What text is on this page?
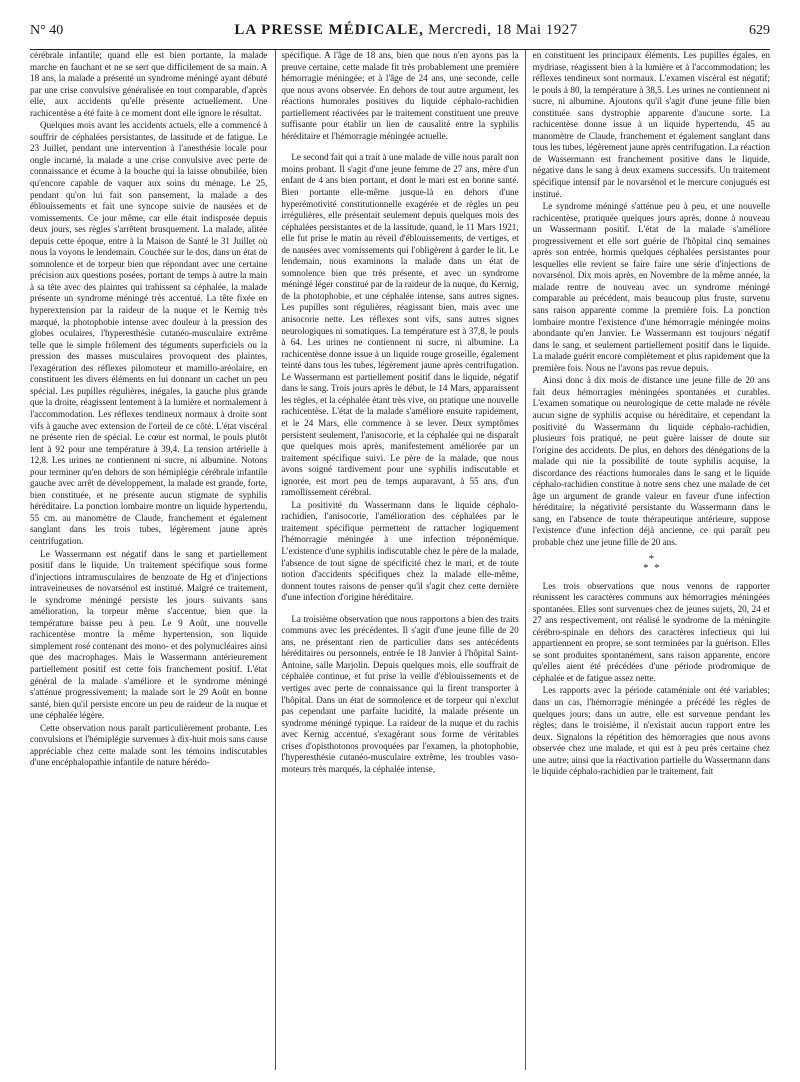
N° 40	LA PRESSE MÉDICALE, Mercredi, 18 Mai 1927	629

cérébrale infantile; quand elle est bien portante, la malade marche en fauchant et ne se sert que difficilement de sa main. A 18 ans, la malade a présenté un syndrome méningé ayant débuté par une crise convulsive généralisée en tout comparable, d'après elle, aux accidents qu'elle présente actuellement. Une rachicentèse a été faite à ce moment dont elle ignore le résultat.

Quelques mois avant les accidents actuels, elle a commencé à souffrir de céphalées persistantes, de lassitude et de fatigue. Le 23 Juillet, pendant une intervention à l'anesthésie locale pour ongle incarné, la malade a une crise convulsive avec perte de connaissance et écume à la bouche qui la laisse obnubilée, bien qu'encore capable de vaquer aux soins du ménage. Le 25, pendant qu'on lui fait son pansement, la malade a des éblouissements et fait une syncope suivie de nausées et de vomissements. Ce jour même, car elle était indisposée depuis deux jours, ses règles s'arrêtent brusquement. La malade, alitée depuis cette époque, entre à la Maison de Santé le 31 Juillet où nous la voyons le lendemain. Couchée sur le dos, dans un état de somnolence et de torpeur bien que répondant avec une certaine précision aux questions posées, portant de temps à autre la main à sa tête avec des plaintes qui trahissent sa céphalée, la malade présente un syndrome méningé très accentué. La tête fixée en hyperextension par la raideur de la nuque et le Kernig très marqué, la photophobie intense avec douleur à la pression des globes oculaires, l'hyperesthésie cutanéo-musculaire extrême telle que le simple frôlement des téguments superficiels ou la pression des masses musculaires provoquent des plaintes, l'exagération des réflexes pilomoteur et mamillo-aréolaire, en constituent les divers éléments en lui donnant un cachet un peu spécial. Les pupilles régulières, inégales, la gauche plus grande que la droite, réagissent lentement à la lumière et normalement à l'accommodation. Les réflexes tendineux normaux à droite sont vifs à gauche avec extension de l'orteil de ce côté. L'état viscéral ne présente rien de spécial. Le cœur est normal, le pouls plutôt lent à 92 pour une température à 39,4. La tension artérielle à 12,8. Les urines ne contiennent ni sucre, ni albumine. Notons pour terminer qu'en dehors de son hémiplégie cérébrale infantile gauche avec arrêt de développement, la malade est grande, forte, bien constituée, et ne présente aucun stigmate de syphilis héréditaire. La ponction lombaire montre un liquide hypertendu, 55 cm. au manomètre de Claude, franchement et également sanglant dans les trois tubes, légèrement jaune après centrifugation.

Le Wassermann est négatif dans le sang et partiellement positif dans le liquide. Un traitement spécifique sous forme d'injections intramusculaires de benzoate de Hg et d'injections intraveineuses de novarsénol est institué. Malgré ce traitement, le syndrome méningé persiste les jours suivants sans amélioration, la torpeur même s'accentue, bien que la température baisse peu à peu. Le 9 Août, une nouvelle rachicentèse montre la même hypertension, son liquide simplement rosé contenant des mono- et des polynucléaires ainsi que des macrophages. Mais le Wassermann antérieurement partiellement positif est cette fois franchement positif. L'état général de la malade s'améliore et le syndrome méningé s'atténue progressivement; la malade sort le 29 Août en bonne santé, bien qu'il persiste encore un peu de raideur de la nuque et une céphalée légère.

Cette observation nous paraît particulièrement probante. Les convulsions et l'hémiplégie survenues à dix-huit mois sans cause appréciable chez cette malade sont les témoins indiscutables d'une encéphalopathie infantile de nature hérédo-

spécifique. A l'âge de 18 ans, bien que nous n'en ayons pas la preuve certaine, cette malade fit très probablement une première hémorragie méningée; et à l'âge de 24 ans, une seconde, celle que nous avons observée. En dehors de tout autre argument, les réactions humorales positives du liquide céphalo-rachidien partiellement réactivées par le traitement constituent une preuve suffisante pour établir un lien de causalité entre la syphilis héréditaire et l'hémorragie méningée actuelle.

Le second fait qui a trait à une malade de ville nous paraît non moins probant. Il s'agit d'une jeune femme de 27 ans, mère d'un enfant de 4 ans bien portant, et dont le mari est en bonne santé. Bien portante elle-même jusque-là en dehors d'une hyperémotivité constitutionnelle exagérée et de règles un peu irrégulières, elle présentait seulement depuis quelques mois des céphalées persistantes et de la lassitude, quand, le 11 Mars 1921, elle fut prise le matin au réveil d'éblouissements, de vertiges, et de nausées avec vomissements qui l'obligèrent à garder le lit. Le lendemain, nous examinons la malade dans un état de somnolence bien que très présente, et avec un syndrome méningé léger constitué par de la raideur de la nuque, du Kernig, de la photophobie, et une céphalée intense, sans autres signes. Les pupilles sont régulières, réagissant bien, mais avec une anisocorie nette. Les réflexes sont vifs, sans autres signes neurologiques ni somatiques. La température est à 37,8, le pouls à 64. Les urines ne contiennent ni sucre, ni albumine. La rachicentèse donne issue à un liquide rouge groseille, également teinté dans tous les tubes, légèrement jaune après centrifugation. Le Wassermann est partiellement positif dans le liquide, négatif dans le sang. Trois jours après le début, le 14 Mars, apparaissent les règles, et la céphalée étant très vive, on pratique une nouvelle rachicentèse. L'état de la malade s'améliore ensuite rapidement, et le 24 Mars, elle commence à se lever. Deux symptômes persistent seulement, l'anisocorie, et la céphalée qui ne disparaît que quelques mois après, manifestement améliorée par un traitement spécifique suivi. Le père de la malade, que nous avons soigné tardivement pour une syphilis indiscutable et ignorée, est mort peu de temps auparavant, à 55 ans, d'un ramollissement cérébral.

La positivité du Wassermann dans le liquide céphalo-rachidien, l'anisocorie, l'amélioration des céphalées par le traitement spécifique permettent de rattacher logiquement l'hémorragie méningée à une infection tréponémique. L'existence d'une syphilis indiscutable chez le père de la malade, l'absence de tout signe de spécificité chez le mari, et de toute notion d'accidents spécifiques chez la malade elle-même, donnent toutes raisons de penser qu'il s'agit chez cette dernière d'une infection d'origine héréditaire.

La troisième observation que nous rapportons a bien des traits communs avec les précédentes. Il s'agit d'une jeune fille de 20 ans, ne présentant rien de particulier dans ses antécédents héréditaires ou personnels, entrée le 18 Janvier à l'hôpital Saint-Antoine, salle Marjolin. Depuis quelques mois, elle souffrait de céphalée continue, et fut prise la veille d'éblouissements et de vertiges avec perte de connaissance qui la firent transporter à l'hôpital. Dans un état de somnolence et de torpeur qui n'exclut pas cependant une parfaite lucidité, la malade présente un syndrome méningé typique. La raideur de la nuque et du rachis avec Kernig accentué, s'exagérant sous forme de véritables crises d'opisthotonos provoquées par l'examen, la photophobie, l'hyperesthésie cutanéo-musculaire extrême, les troubles vaso-moteurs très marqués, la céphalée intense,

en constituent les principaux éléments. Les pupilles égales, en mydriase, réagissent bien à la lumière et à l'accommodation; les réflexes tendineux sont normaux. L'examen viscéral est négatif; le pouls à 80, la température à 38,5. Les urines ne contiennent ni sucre, ni albumine. Ajoutons qu'il s'agit d'une jeune fille bien constituée sans dystrophie apparente d'aucune sorte. La rachicentèse donne issue à un liquide hypertendu, 45 au manomètre de Claude, franchement et également sanglant dans tous les tubes, légèrement jaune après centrifugation. La réaction de Wassermann est franchement positive dans le liquide, négative dans le sang à deux examens successifs. Un traitement spécifique intensif par le novarsénol et le mercure conjugués est institué.

Le syndrome méningé s'atténue peu à peu, et une nouvelle rachicentèse, pratiquée quelques jours après, donne à nouveau un Wassermann positif. L'état de la malade s'améliore progressivement et elle sort guérie de l'hôpital cinq semaines après son entrée, hormis quelques céphalées persistantes pour lesquelles elle revient se faire faire une série d'injections de novarsénol. Dix mois après, en Novembre de la même année, la malade rentre de nouveau avec un syndrome méningé comparable au précédent, mais beaucoup plus fruste, survenu sans raison apparente comme la première fois. La ponction lombaire montre l'existence d'une hémorragie méningée moins abondante qu'en Janvier. Le Wassermann est toujours négatif dans le sang, et seulement partiellement positif dans le liquide. La malade guérit encore complètement et plus rapidement que la première fois. Nous ne l'avons pas revue depuis.

Ainsi donc à dix mois de distance une jeune fille de 20 ans fait deux hémorragies méningées spontanées et curables. L'examen somatique ou neurologique de cette malade ne révèle aucun signe de syphilis acquise ou héréditaire, et cependant la positivité du Wassermann du liquide céphalo-rachidien, plusieurs fois pratiqué, ne peut guère laisser de doute sur l'origine des accidents. De plus, en dehors des dénégations de la malade qui nie la possibilité de toute syphilis acquise, la discordance des réactions humorales dans le sang et le liquide céphalo-rachidien constitue à notre sens chez une malade de cet âge un argument de grande valeur en faveur d'une infection héréditaire; la négativité persistante du Wassermann dans le sang, en l'absence de toute thérapeutique antérieure, suppose l'existence d'une infection déjà ancienne, ce qui paraît peu probable chez une jeune fille de 20 ans.

*
* *

Les trois observations que nous venons de rapporter réunissent les caractères communs aux hémorragies méningées spontanées. Elles sont survenues chez de jeunes sujets, 20, 24 et 27 ans respectivement, ont réalisé le syndrome de la méningite cérébro-spinale en dehors des caractères infectieux qui lui appartiennent en propre, se sont terminées par la guérison. Elles se sont produites spontanément, sans raison apparente, encore qu'elles aient été précédées d'une période prodromique de céphalée et de fatigue assez nette.

Les rapports avec la période cataméniale ont été variables; dans un cas, l'hémorragie méningée a précédé les règles de quelques jours; dans un autre, elle est survenue pendant les règles; dans le troisième, il n'existait aucun rapport entre les deux. Signalons la répétition des hémorragies que nous avons observée chez une malade, et qui est à peu près certaine chez une autre; ainsi que la réactivation partielle du Wassermann dans le liquide céphalo-rachidien par le traitement, fait
